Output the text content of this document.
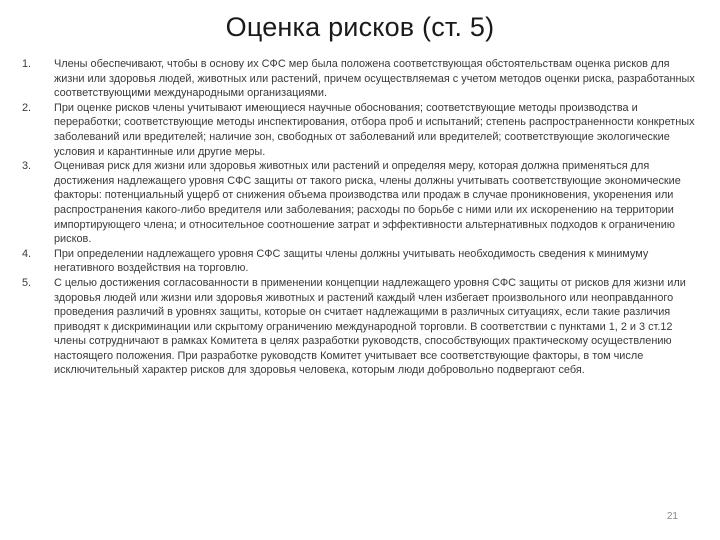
Оценка рисков (ст. 5)
1.	Члены обеспечивают, чтобы в основу их СФС мер была положена соответствующая обстоятельствам оценка рисков для жизни или здоровья людей, животных или растений, причем осуществляемая с учетом методов оценки риска, разработанных соответствующими международными организациями.
2.	При оценке рисков члены учитывают имеющиеся научные обоснования; соответствующие методы производства и переработки; соответствующие методы инспектирования, отбора проб и испытаний; степень распространенности конкретных заболеваний или вредителей; наличие зон, свободных от заболеваний или вредителей; соответствующие экологические условия и карантинные или другие меры.
3.	Оценивая риск для жизни или здоровья животных или растений и определяя меру, которая должна применяться для достижения надлежащего уровня СФС защиты от такого риска, члены должны учитывать соответствующие экономические факторы: потенциальный ущерб от снижения объема производства или продаж в случае проникновения, укоренения или распространения какого-либо вредителя или заболевания; расходы по борьбе с ними или их искоренению на территории импортирующего члена; и относительное соотношение затрат и эффективности альтернативных подходов к ограничению рисков.
4.	При определении надлежащего уровня СФС защиты члены должны учитывать необходимость сведения к минимуму негативного воздействия на торговлю.
5.	С целью достижения согласованности в применении концепции надлежащего уровня СФС защиты от рисков для жизни или здоровья людей или жизни или здоровья животных и растений каждый член избегает произвольного или неоправданного проведения различий в уровнях защиты, которые он считает надлежащими в различных ситуациях, если такие различия приводят к дискриминации или скрытому ограничению международной торговли. В соответствии с пунктами 1, 2 и 3 ст.12 члены сотрудничают в рамках Комитета в целях разработки руководств, способствующих практическому осуществлению настоящего положения. При разработке руководств Комитет учитывает все соответствующие факторы, в том числе исключительный характер рисков для здоровья человека, которым люди добровольно подвергают себя.
21
